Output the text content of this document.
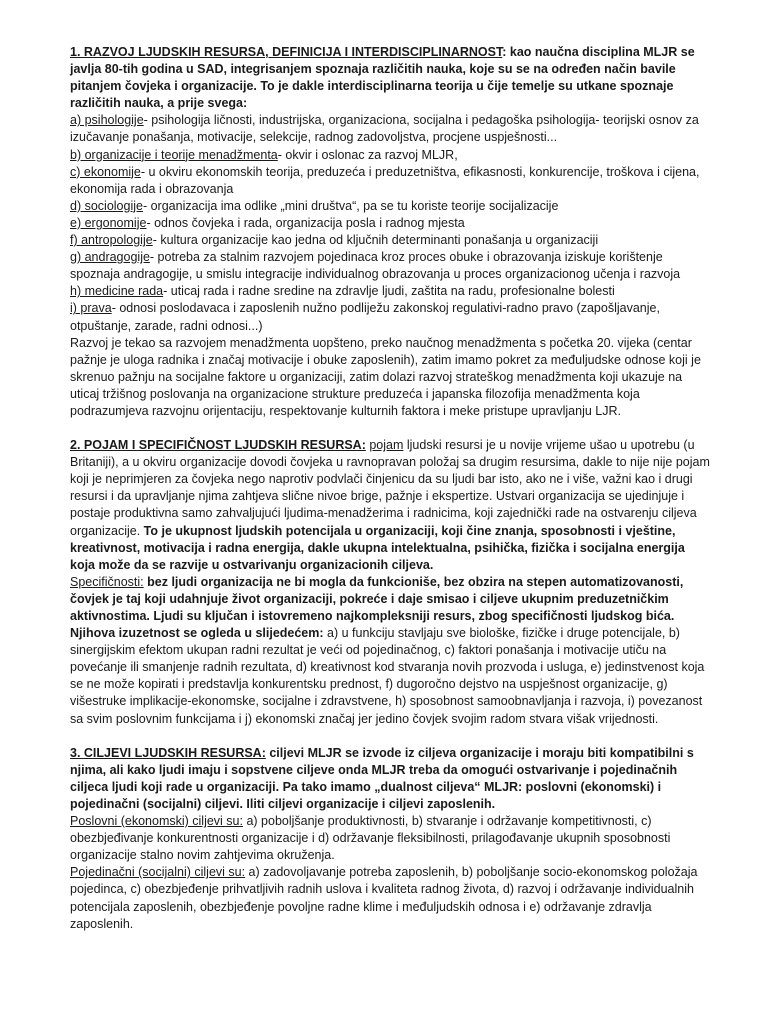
1. RAZVOJ LJUDSKIH RESURSA, DEFINICIJA I INTERDISCIPLINARNOST: kao naučna disciplina MLJR se javlja 80-tih godina u SAD, integrisanjem spoznaja različitih nauka, koje su se na određen način bavile pitanjem čovjeka i organizacije. To je dakle interdisciplinarna teorija u čije temelje su utkane spoznaje različitih nauka, a prije svega:

a) psihologije- psihologija ličnosti, industrijska, organizaciona, socijalna i pedagoška psihologija- teorijski osnov za izučavanje ponašanja, motivacije, selekcije, radnog zadovoljstva, procjene uspješnosti...

b) organizacije i teorije menadžmenta- okvir i oslonac za razvoj MLJR,

c) ekonomije- u okviru ekonomskih teorija, preduzeća i preduzetništva, efikasnosti, konkurencije, troškova i cijena, ekonomija rada i obrazovanja

d) sociologije- organizacija ima odlike „mini društva“, pa se tu koriste teorije socijalizacije

e) ergonomije- odnos čovjeka i rada, organizacija posla i radnog mjesta

f) antropologije- kultura organizacije kao jedna od ključnih determinanti ponašanja u organizaciji

g) andragogije- potreba za stalnim razvojem pojedinaca kroz proces obuke i obrazovanja iziskuje korištenje spoznaja andragogije, u smislu integracije individualnog obrazovanja u proces organizacionog učenja i razvoja

h) medicine rada- uticaj rada i radne sredine na zdravlje ljudi, zaštita na radu, profesionalne bolesti

i) prava- odnosi poslodavaca i zaposlenih nužno podliježu zakonskoj regulativi-radno pravo (zapošljavanje, otpuštanje, zarade, radni odnosi...)

Razvoj je tekao sa razvojem menadžmenta uopšteno, preko naučnog menadžmenta s početka 20. vijeka (centar pažnje je uloga radnika i značaj motivacije i obuke zaposlenih), zatim imamo pokret za međuljudske odnose koji je skrenuo pažnju na socijalne faktore u organizaciji, zatim dolazi razvoj strateškog menadžmenta koji ukazuje na uticaj tržišnog poslovanja na organizacione strukture preduzeća i japanska filozofija menadžmenta koja podrazumjeva razvojnu orijentaciju, respektovanje kulturnih faktora i meke pristupe upravljanju LJR.

2. POJAM I SPECIFIČNOST LJUDSKIH RESURSA: pojam ljudski resursi je u novije vrijeme ušao u upotrebu (u Britaniji), a u okviru organizacije dovodi čovjeka u ravnopravan položaj sa drugim resursima, dakle to nije nije pojam koji je neprimjeren za čovjeka nego naprotiv podvlači činjenicu da su ljudi bar isto, ako ne i više, važni kao i drugi resursi i da upravljanje njima zahtjeva slične nivoe brige, pažnje i ekspertize. Ustvari organizacija se ujedinjuje i postaje produktivna samo zahvaljujući ljudima-menadžerima i radnicima, koji zajednički rade na ostvarenju ciljeva organizacije. To je ukupnost ljudskih potencijala u organizaciji, koji čine znanja, sposobnosti i vještine, kreativnost, motivacija i radna energija, dakle ukupna intelektualna, psihička, fizička i socijalna energija koja može da se razvije u ostvarivanju organizacionih ciljeva.

Specifičnosti: bez ljudi organizacija ne bi mogla da funkcioniše, bez obzira na stepen automatizovanosti, čovjek je taj koji udahnjuje život organizaciji, pokreće i daje smisao i ciljeve ukupnim preduzetničkim aktivnostima. Ljudi su ključan i istovremeno najkompleksniji resurs, zbog specifičnosti ljudskog bića. Njihova izuzetnost se ogleda u slijedećem: a) u funkciju stavljaju sve biološke, fizičke i druge potencijale, b) sinergijskim efektom ukupan radni rezultat je veći od pojedinačnog, c) faktori ponašanja i motivacije utiču na povećanje ili smanjenje radnih rezultata, d) kreativnost kod stvaranja novih prozvoda i usluga, e) jedinstvenost koja se ne može kopirati i predstavlja konkurentsku prednost, f) dugoročno dejstvo na uspješnost organizacije, g) višestruke implikacije-ekonomske, socijalne i zdravstvene, h) sposobnost samoobnavljanja i razvoja, i) povezanost sa svim poslovnim funkcijama i j) ekonomski značaj jer jedino čovjek svojim radom stvara višak vrijednosti.

3. CILJEVI LJUDSKIH RESURSA: ciljevi MLJR se izvode iz ciljeva organizacije i moraju biti kompatibilni s njima, ali kako ljudi imaju i sopstvene ciljeve onda MLJR treba da omogući ostvarivanje i pojedinačnih ciljeca ljudi koji rade u organizaciji. Pa tako imamo „dualnost ciljeva“ MLJR: poslovni (ekonomski) i pojedinačni (socijalni) ciljevi. Iliti ciljevi organizacije i ciljevi zaposlenih.

Poslovni (ekonomski) ciljevi su: a) poboljšanje produktivnosti, b) stvaranje i održavanje kompetitivnosti, c) obezbjeđivanje konkurentnosti organizacije i d) održavanje fleksibilnosti, prilagođavanje ukupnih sposobnosti organizacije stalno novim zahtjevima okruženja.

Pojedinačni (socijalni) ciljevi su: a) zadovoljavanje potreba zaposlenih, b) poboljšanje socio-ekonomskog položaja pojedinca, c) obezbjeđenje prihvatljivih radnih uslova i kvaliteta radnog života, d) razvoj i održavanje individualnih potencijala zaposlenih, obezbjeđenje povoljne radne klime i međuljudskih odnosa i e) održavanje zdravlja zaposlenih.
